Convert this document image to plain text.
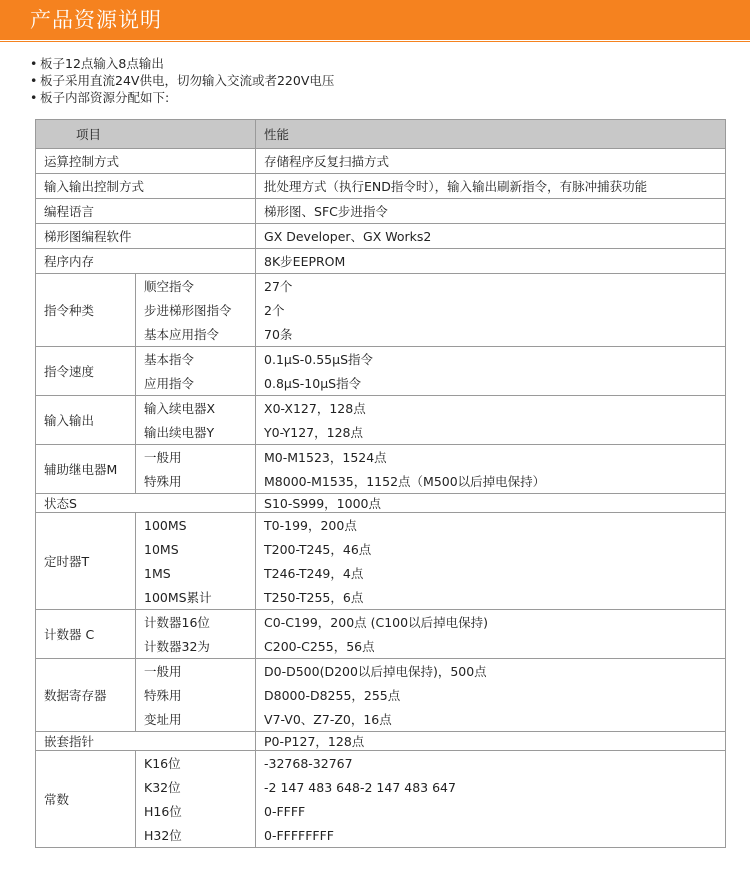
产品资源说明
• 板子12点输入8点输出
• 板子采用直流24V供电，切勿输入交流或者220V电压
• 板子内部资源分配如下:
项目		性能
运算控制方式		存储程序反复扫描方式
输入输出控制方式		批处理方式（执行END指令时），输入输出刷新指令，有脉冲捕获功能
编程语言		梯形图、SFC步进指令
梯形图编程软件		GX Developer、GX Works2
程序内存		8K步EEPROM
指令种类	顺空指令	27个
	步进梯形图指令	2个
	基本应用指令	70条
指令速度	基本指令	0.1μS-0.55μS指令
	应用指令	0.8μS-10μS指令
输入输出	输入续电器X	X0-X127，128点
	输出续电器Y	Y0-Y127，128点
辅助继电器M	一般用	M0-M1523，1524点
	特殊用	M8000-M1535，1152点（M500以后掉电保持）
状态S		S10-S999，1000点
定时器T	100MS	T0-199，200点
	10MS	T200-T245，46点
	1MS	T246-T249，4点
	100MS累计	T250-T255，6点
计数器 C	计数器16位	C0-C199，200点 (C100以后掉电保持)
	计数器32为	C200-C255，56点
数据寄存器	一般用	D0-D500(D200以后掉电保持)，500点
	特殊用	D8000-D8255，255点
	变址用	V7-V0、Z7-Z0，16点
嵌套指针		P0-P127，128点
常数	K16位	-32768-32767
	K32位	-2 147 483 648-2 147 483 647
	H16位	0-FFFF
	H32位	0-FFFFFFFF
